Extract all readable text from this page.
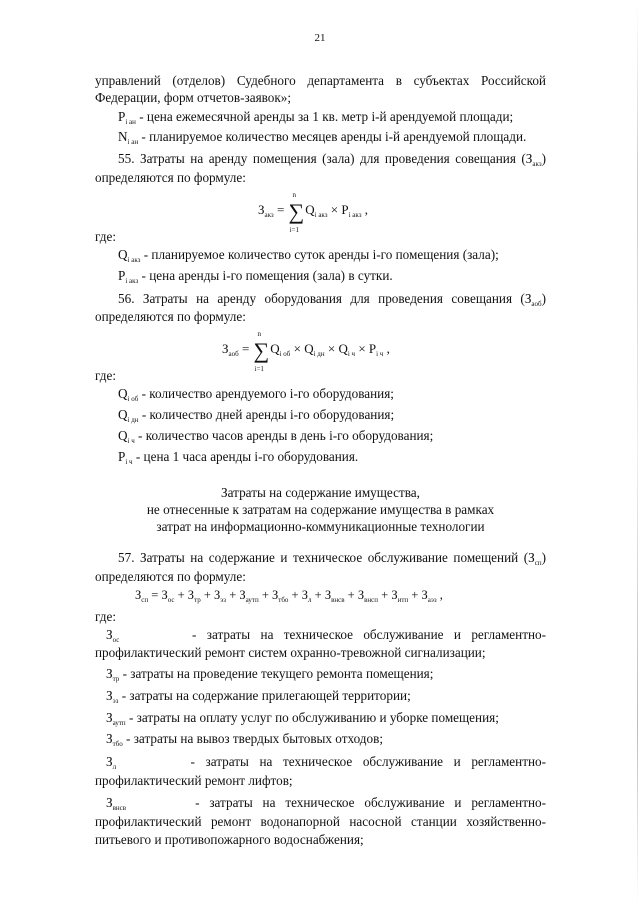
21
управлений (отделов) Судебного департамента в субъектах Российской
Федерации, форм отчетов-заявок»;
$P_{i ан}$ - цена ежемесячной аренды за 1 кв. метр i-й арендуемой площади;
$N_{i ан}$ - планируемое количество месяцев аренды i-й арендуемой площади.
55. Затраты на аренду помещения (зала) для проведения совещания $(З_{акз})$
определяются по формуле:
$З_{акз}$ = ∑
n
i=1
$Q_{i акз} \times P_{i акз}$ ,
где:
$Q_{i акз}$ - планируемое количество суток аренды i-го помещения (зала);
$P_{i акз}$ - цена аренды i-го помещения (зала) в сутки.
56. Затраты на аренду оборудования для проведения совещания $(З_{аоб})$
определяются по формуле:
$З_{аоб}$ = ∑
n
i=1
$Q_{i об} \times Q_{i дн} \times Q_{i ч} \times P_{i ч}$ ,
где:
$Q_{i об}$ - количество арендуемого i-го оборудования;
$Q_{i дн}$ - количество дней аренды i-го оборудования;
$Q_{i ч}$ - количество часов аренды в день i-го оборудования;
$P_{i ч}$ - цена 1 часа аренды i-го оборудования.
Затраты на содержание имущества,
не отнесенные к затратам на содержание имущества в рамках
затрат на информационно-коммуникационные технологии
57. Затраты на содержание и техническое обслуживание помещений $(З_{сп})$
определяются по формуле:
$З_{сп} = З_{ос} + З_{тр} + З_{эз} + З_{аутп} + З_{тбо} + З_л + З_{внсв} + З_{внсп} + З_{итп} + З_{аэз}$ ,
где:
$З_{ос}$	- затраты на техническое обслуживание и регламентно-
профилактический ремонт систем охранно-тревожной сигнализации;
$З_{тр}$ - затраты на проведение текущего ремонта помещения;
$З_{эз}$ - затраты на содержание прилегающей территории;
$З_{аутп}$ - затраты на оплату услуг по обслуживанию и уборке помещения;
$З_{тбо}$ - затраты на вывоз твердых бытовых отходов;
$З_л$	- затраты на техническое обслуживание и регламентно-
профилактический ремонт лифтов;
$З_{внсв}$	- затраты на техническое обслуживание и регламентно-
профилактический ремонт водонапорной насосной станции хозяйственно-
питьевого и противопожарного водоснабжения;
